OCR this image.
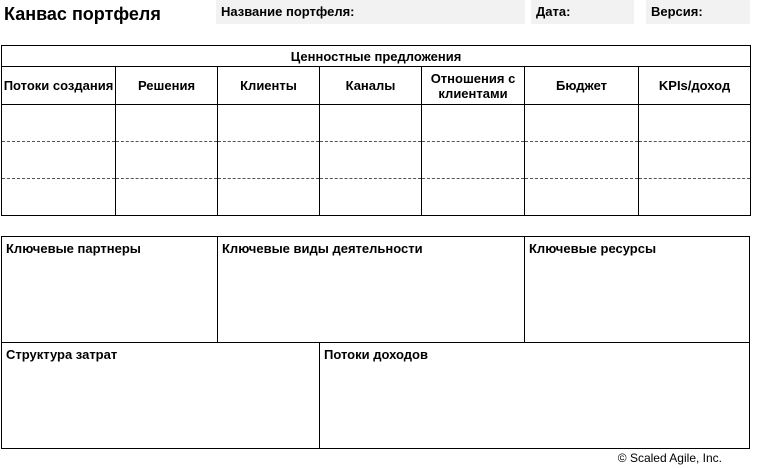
Канвас портфеля	Название портфеля:	Дата:	Версия:
Ценностные предложения						
Потоки создания	Решения	Клиенты	Каналы	Отношения с клиентами	Бюджет	KPIs/доход

Ключевые партнеры	Ключевые виды деятельности	Ключевые ресурсы
Структура затрат	Потоки доходов
© Scaled Agile, Inc.
